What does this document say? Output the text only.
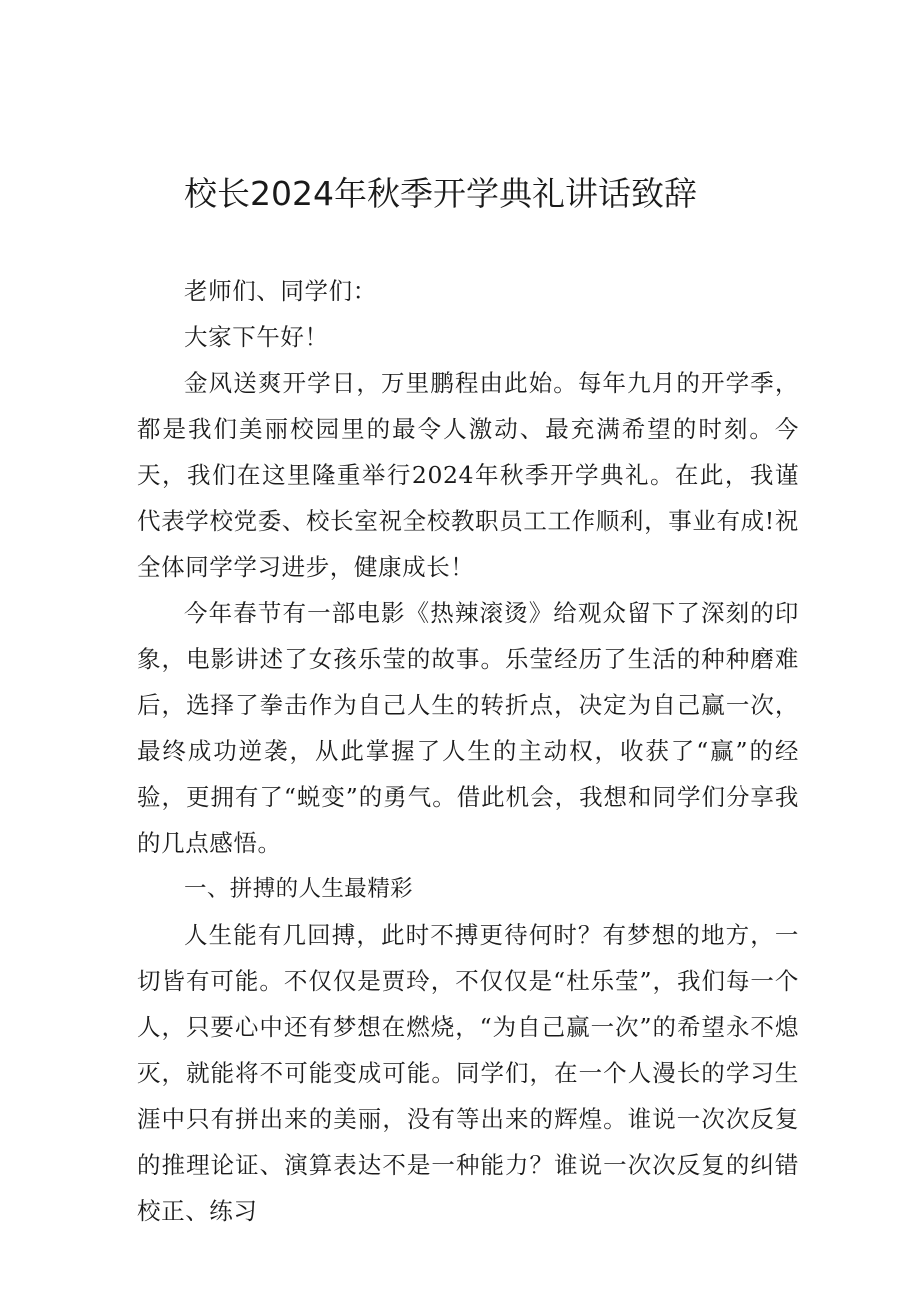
校长2024年秋季开学典礼讲话致辞

老师们、同学们：

大家下午好！

金风送爽开学日，万里鹏程由此始。每年九月的开学季，都是我们美丽校园里的最令人激动、最充满希望的时刻。今天，我们在这里隆重举行2024年秋季开学典礼。在此，我谨代表学校党委、校长室祝全校教职员工工作顺利，事业有成!祝全体同学学习进步，健康成长！

今年春节有一部电影《热辣滚烫》给观众留下了深刻的印象，电影讲述了女孩乐莹的故事。乐莹经历了生活的种种磨难后，选择了拳击作为自己人生的转折点，决定为自己赢一次，最终成功逆袭，从此掌握了人生的主动权，收获了“赢”的经验，更拥有了“蜕变”的勇气。借此机会，我想和同学们分享我的几点感悟。

一、拼搏的人生最精彩

人生能有几回搏，此时不搏更待何时？有梦想的地方，一切皆有可能。不仅仅是贾玲，不仅仅是“杜乐莹”，我们每一个人，只要心中还有梦想在燃烧，“为自己赢一次”的希望永不熄灭，就能将不可能变成可能。同学们，在一个人漫长的学习生涯中只有拼出来的美丽，没有等出来的辉煌。谁说一次次反复的推理论证、演算表达不是一种能力？谁说一次次反复的纠错校正、练习
